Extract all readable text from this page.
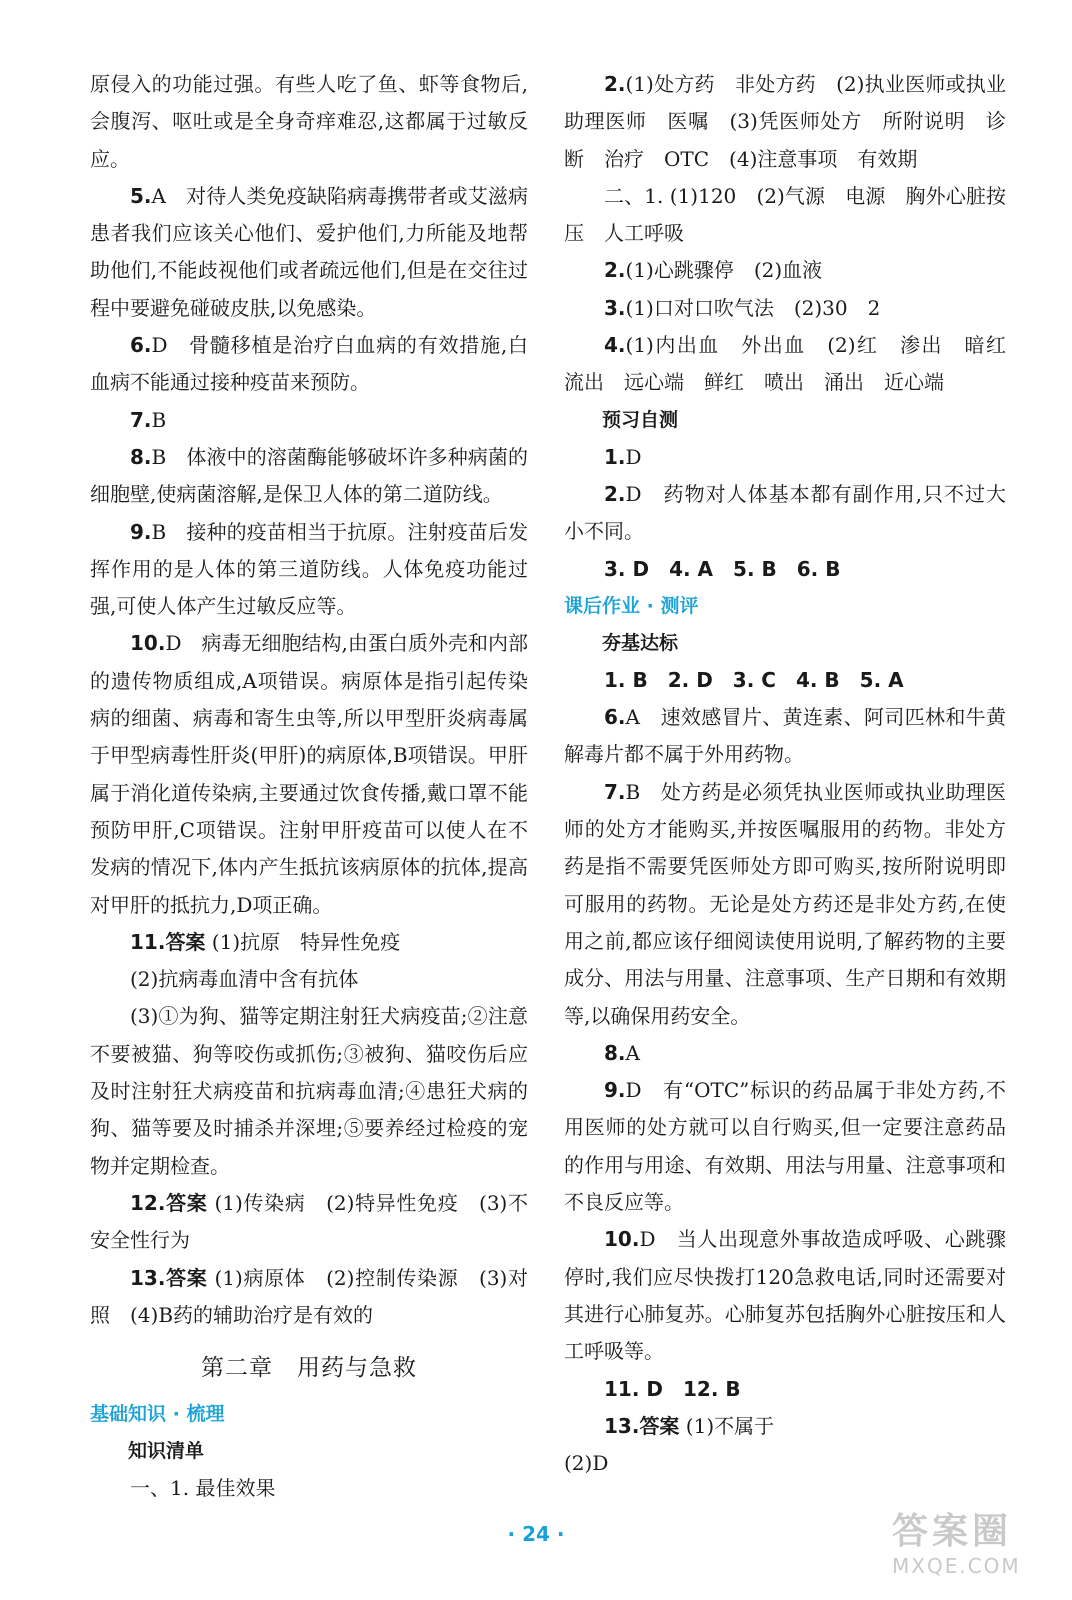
原侵入的功能过强。有些人吃了鱼、虾等食物后,会腹泻、呕吐或是全身奇痒难忍,这都属于过敏反应。

5.A　对待人类免疫缺陷病毒携带者或艾滋病患者我们应该关心他们、爱护他们,力所能及地帮助他们,不能歧视他们或者疏远他们,但是在交往过程中要避免碰破皮肤,以免感染。

6.D　骨髓移植是治疗白血病的有效措施,白血病不能通过接种疫苗来预防。

7.B

8.B　体液中的溶菌酶能够破坏许多种病菌的细胞壁,使病菌溶解,是保卫人体的第二道防线。

9.B　接种的疫苗相当于抗原。注射疫苗后发挥作用的是人体的第三道防线。人体免疫功能过强,可使人体产生过敏反应等。

10.D　病毒无细胞结构,由蛋白质外壳和内部的遗传物质组成,A项错误。病原体是指引起传染病的细菌、病毒和寄生虫等,所以甲型肝炎病毒属于甲型病毒性肝炎(甲肝)的病原体,B项错误。甲肝属于消化道传染病,主要通过饮食传播,戴口罩不能预防甲肝,C项错误。注射甲肝疫苗可以使人在不发病的情况下,体内产生抵抗该病原体的抗体,提高对甲肝的抵抗力,D项正确。

11.答案 (1)抗原　特异性免疫

(2)抗病毒血清中含有抗体

(3)①为狗、猫等定期注射狂犬病疫苗;②注意不要被猫、狗等咬伤或抓伤;③被狗、猫咬伤后应及时注射狂犬病疫苗和抗病毒血清;④患狂犬病的狗、猫等要及时捕杀并深埋;⑤要养经过检疫的宠物并定期检查。

12.答案 (1)传染病　(2)特异性免疫　(3)不安全性行为

13.答案 (1)病原体　(2)控制传染源　(3)对照　(4)B药的辅助治疗是有效的

第二章　用药与急救

基础知识 · 梳理

知识清单

一、1. 最佳效果

2.(1)处方药　非处方药　(2)执业医师或执业助理医师　医嘱　(3)凭医师处方　所附说明　诊断　治疗　OTC　(4)注意事项　有效期

二、1. (1)120　(2)气源　电源　胸外心脏按压　人工呼吸

2.(1)心跳骤停　(2)血液

3.(1)口对口吹气法　(2)30　2

4.(1)内出血　外出血　(2)红　渗出　暗红　流出　远心端　鲜红　喷出　涌出　近心端

预习自测

1.D

2.D　药物对人体基本都有副作用,只不过大小不同。

3. D　4. A　5. B　6. B

课后作业 · 测评

夯基达标

1. B　2. D　3. C　4. B　5. A

6.A　速效感冒片、黄连素、阿司匹林和牛黄解毒片都不属于外用药物。

7.B　处方药是必须凭执业医师或执业助理医师的处方才能购买,并按医嘱服用的药物。非处方药是指不需要凭医师处方即可购买,按所附说明即可服用的药物。无论是处方药还是非处方药,在使用之前,都应该仔细阅读使用说明,了解药物的主要成分、用法与用量、注意事项、生产日期和有效期等,以确保用药安全。

8.A

9.D　有“OTC”标识的药品属于非处方药,不用医师的处方就可以自行购买,但一定要注意药品的作用与用途、有效期、用法与用量、注意事项和不良反应等。

10.D　当人出现意外事故造成呼吸、心跳骤停时,我们应尽快拨打120急救电话,同时还需要对其进行心肺复苏。心肺复苏包括胸外心脏按压和人工呼吸等。

11. D　12. B

13.答案 (1)不属于

(2)D

· 24 ·	答案圈
MXQE.COM
